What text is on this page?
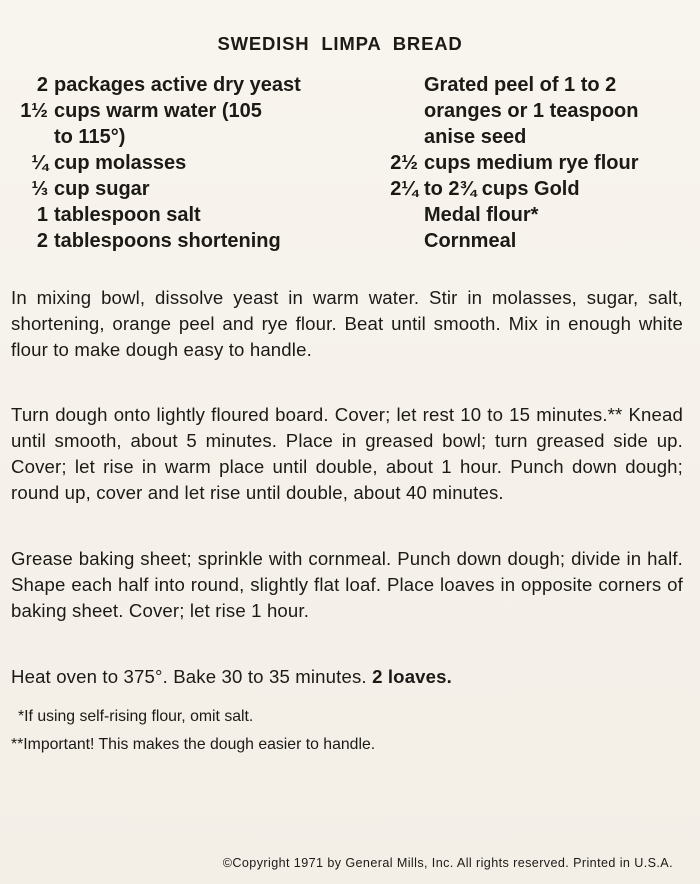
SWEDISH LIMPA BREAD
2 packages active dry yeast
1½ cups warm water (105
to 115°)
¼ cup molasses
⅓ cup sugar
1 tablespoon salt
2 tablespoons shortening
Grated peel of 1 to 2
oranges or 1 teaspoon
anise seed
2½ cups medium rye flour
2¼ to 2¾ cups Gold
Medal flour*
Cornmeal

In mixing bowl, dissolve yeast in warm water. Stir in molasses, sugar, salt, shortening, orange peel and rye flour. Beat until smooth. Mix in enough white flour to make dough easy to handle.

Turn dough onto lightly floured board. Cover; let rest 10 to 15 minutes.** Knead until smooth, about 5 minutes. Place in greased bowl; turn greased side up. Cover; let rise in warm place until double, about 1 hour. Punch down dough; round up, cover and let rise until double, about 40 minutes.

Grease baking sheet; sprinkle with cornmeal. Punch down dough; divide in half. Shape each half into round, slightly flat loaf. Place loaves in opposite corners of baking sheet. Cover; let rise 1 hour.

Heat oven to 375°. Bake 30 to 35 minutes. 2 loaves.

*If using self-rising flour, omit salt.

**Important! This makes the dough easier to handle.

©Copyright 1971 by General Mills, Inc. All rights reserved. Printed in U.S.A.
